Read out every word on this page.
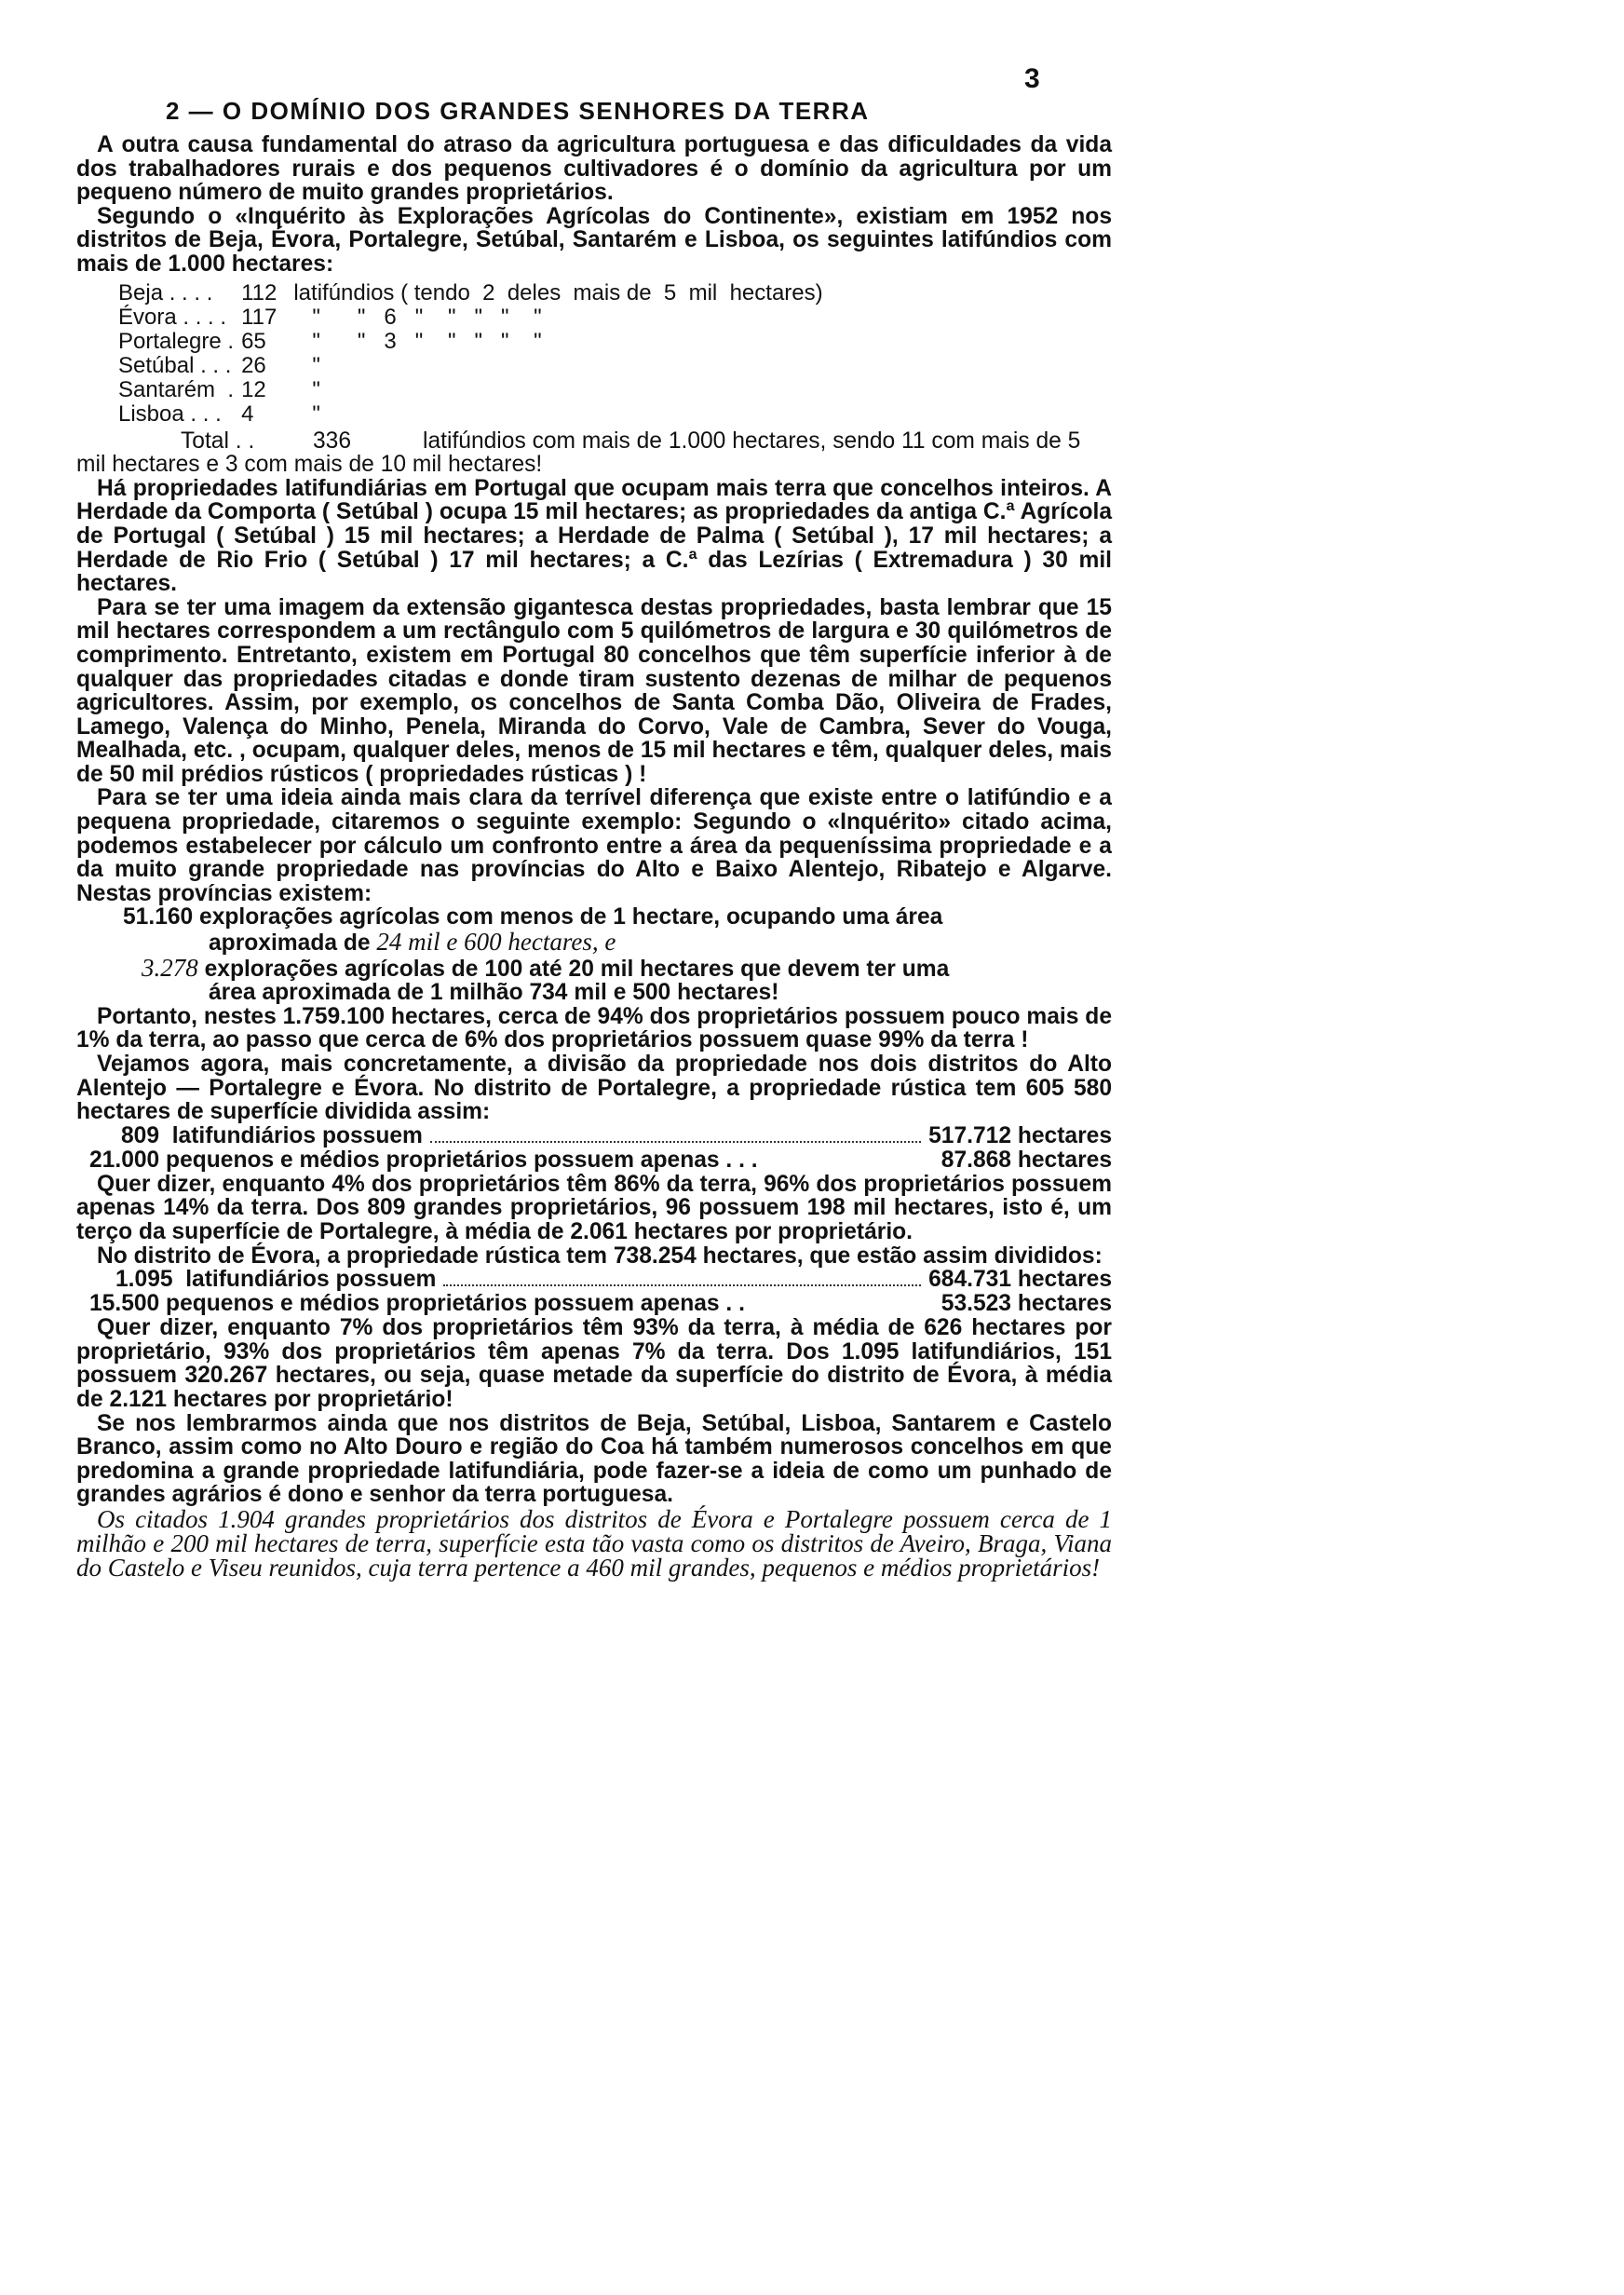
3
2 — O DOMÍNIO DOS GRANDES SENHORES DA TERRA

A outra causa fundamental do atraso da agricultura portuguesa e das dificuldades da vida dos trabalhadores rurais e dos pequenos cultivadores é o domínio da agricultura por um pequeno número de muito grandes proprietários.

Segundo o «Inquérito às Explorações Agrícolas do Continente», existiam em 1952 nos distritos de Beja, Évora, Portalegre, Setúbal, Santarém e Lisboa, os seguintes latifúndios com mais de 1.000 hectares:

Beja . . . .	112	latifúndios ( tendo  2  deles  mais de  5  mil  hectares)
Évora . . . .	117	"      "   6   "    "   "   "    "
Portalegre .	65	"      "   3   "    "   "   "    "
Setúbal . . .	26	"
Santarém  .	12	"
Lisboa . . .	4	"
Total . .	336	latifúndios com mais de 1.000 hectares, sendo 11 com mais de 5 mil hectares e 3 com mais de 10 mil hectares!

Há propriedades latifundiárias em Portugal que ocupam mais terra que concelhos inteiros. A Herdade da Comporta ( Setúbal ) ocupa 15 mil hectares; as propriedades da antiga C.ª Agrícola de Portugal ( Setúbal ) 15 mil hectares; a Herdade de Palma ( Setúbal ), 17 mil hectares; a Herdade de Rio Frio ( Setúbal ) 17 mil hectares; a C.ª das Lezírias ( Extremadura ) 30 mil hectares.

Para se ter uma imagem da extensão gigantesca destas propriedades, basta lembrar que 15 mil hectares correspondem a um rectângulo com 5 quilómetros de largura e 30 quilómetros de comprimento. Entretanto, existem em Portugal 80 concelhos que têm superfície inferior à de qualquer das propriedades citadas e donde tiram sustento dezenas de milhar de pequenos agricultores. Assim, por exemplo, os concelhos de Santa Comba Dão, Oliveira de Frades, Lamego, Valença do Minho, Penela, Miranda do Corvo, Vale de Cambra, Sever do Vouga, Mealhada, etc. , ocupam, qualquer deles, menos de 15 mil hectares e têm, qualquer deles, mais de 50 mil prédios rústicos ( propriedades rústicas ) !

Para se ter uma ideia ainda mais clara da terrível diferença que existe entre o latifúndio e a pequena propriedade, citaremos o seguinte exemplo: Segundo o «Inquérito» citado acima, podemos estabelecer por cálculo um confronto entre a área da pequeníssima propriedade e a da muito grande propriedade nas províncias do Alto e Baixo Alentejo, Ribatejo e Algarve. Nestas províncias existem:

51.160 explorações agrícolas com menos de 1 hectare, ocupando uma área
aproximada de 24 mil e 600 hectares, e
3.278 explorações agrícolas de 100 até 20 mil hectares que devem ter uma
área aproximada de 1 milhão 734 mil e 500 hectares!

Portanto, nestes 1.759.100 hectares, cerca de 94% dos proprietários possuem pouco mais de 1% da terra, ao passo que cerca de 6% dos proprietários possuem quase 99% da terra !

Vejamos agora, mais concretamente, a divisão da propriedade nos dois distritos do Alto Alentejo — Portalegre e Évora. No distrito de Portalegre, a propriedade rústica tem 605 580 hectares de superfície dividida assim:

809  latifundiários possuem	517.712 hectares
21.000 pequenos e médios proprietários possuem apenas . . .	87.868 hectares

Quer dizer, enquanto 4% dos proprietários têm 86% da terra, 96% dos proprietários possuem apenas 14% da terra. Dos 809 grandes proprietários, 96 possuem 198 mil hectares, isto é, um terço da superfície de Portalegre, à média de 2.061 hectares por proprietário.

No distrito de Évora, a propriedade rústica tem 738.254 hectares, que estão assim divididos:

1.095  latifundiários possuem	684.731 hectares
15.500 pequenos e médios proprietários possuem apenas . .	53.523 hectares

Quer dizer, enquanto 7% dos proprietários têm 93% da terra, à média de 626 hectares por proprietário, 93% dos proprietários têm apenas 7% da terra. Dos 1.095 latifundiários, 151 possuem 320.267 hectares, ou seja, quase metade da superfície do distrito de Évora, à média de 2.121 hectares por proprietário!

Se nos lembrarmos ainda que nos distritos de Beja, Setúbal, Lisboa, Santarem e Castelo Branco, assim como no Alto Douro e região do Coa há também numerosos concelhos em que predomina a grande propriedade latifundiária, pode fazer-se a ideia de como um punhado de grandes agrários é dono e senhor da terra portuguesa.

Os citados 1.904 grandes proprietários dos distritos de Évora e Portalegre possuem cerca de 1 milhão e 200 mil hectares de terra, superfície esta tão vasta como os distritos de Aveiro, Braga, Viana do Castelo e Viseu reunidos, cuja terra pertence a 460 mil grandes, pequenos e médios proprietários!
